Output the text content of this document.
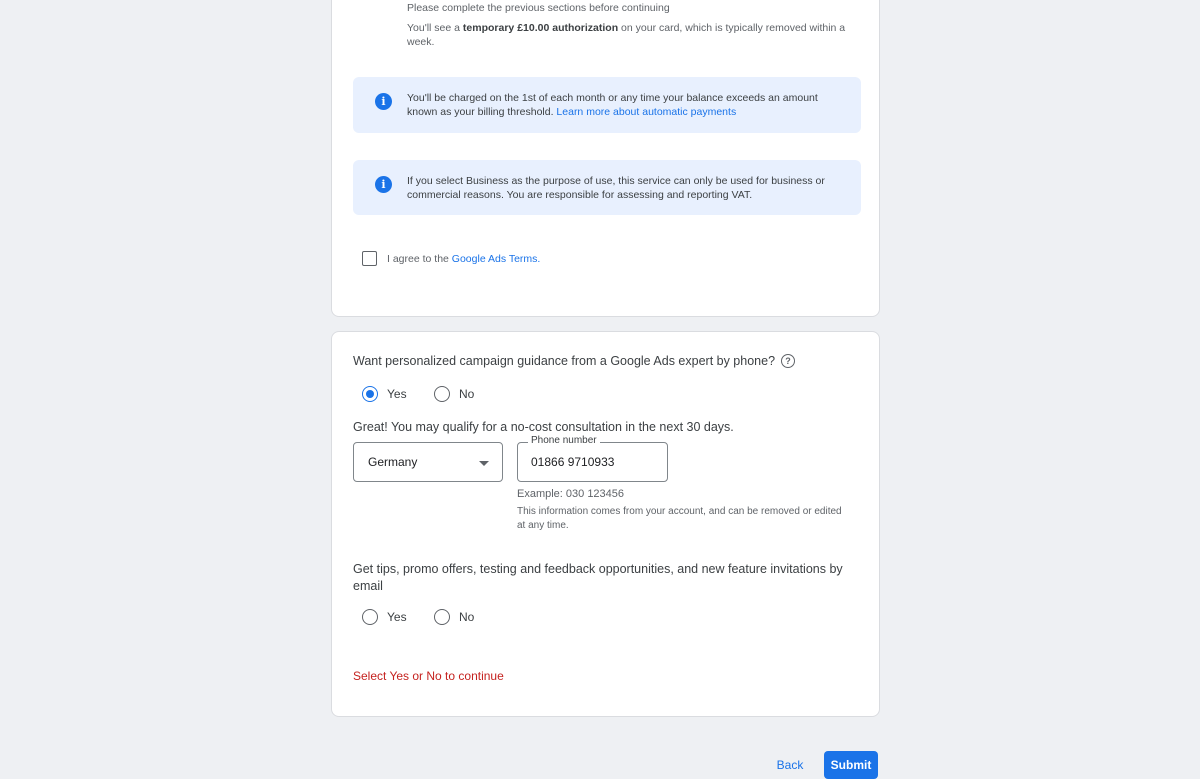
Please complete the previous sections before continuing
You'll see a temporary £10.00 authorization on your card, which is typically removed within a week.
i	You'll be charged on the 1st of each month or any time your balance exceeds an amount known as your billing threshold. Learn more about automatic payments
i	If you select Business as the purpose of use, this service can only be used for business or commercial reasons. You are responsible for assessing and reporting VAT.
I agree to the Google Ads Terms.
Want personalized campaign guidance from a Google Ads expert by phone?	?
Yes	No
Great! You may qualify for a no-cost consultation in the next 30 days.
Germany
Phone number
01866 9710933
Example: 030 123456
This information comes from your account, and can be removed or edited at any time.
Get tips, promo offers, testing and feedback opportunities, and new feature invitations by email
Yes	No
Select Yes or No to continue
Back	Submit
